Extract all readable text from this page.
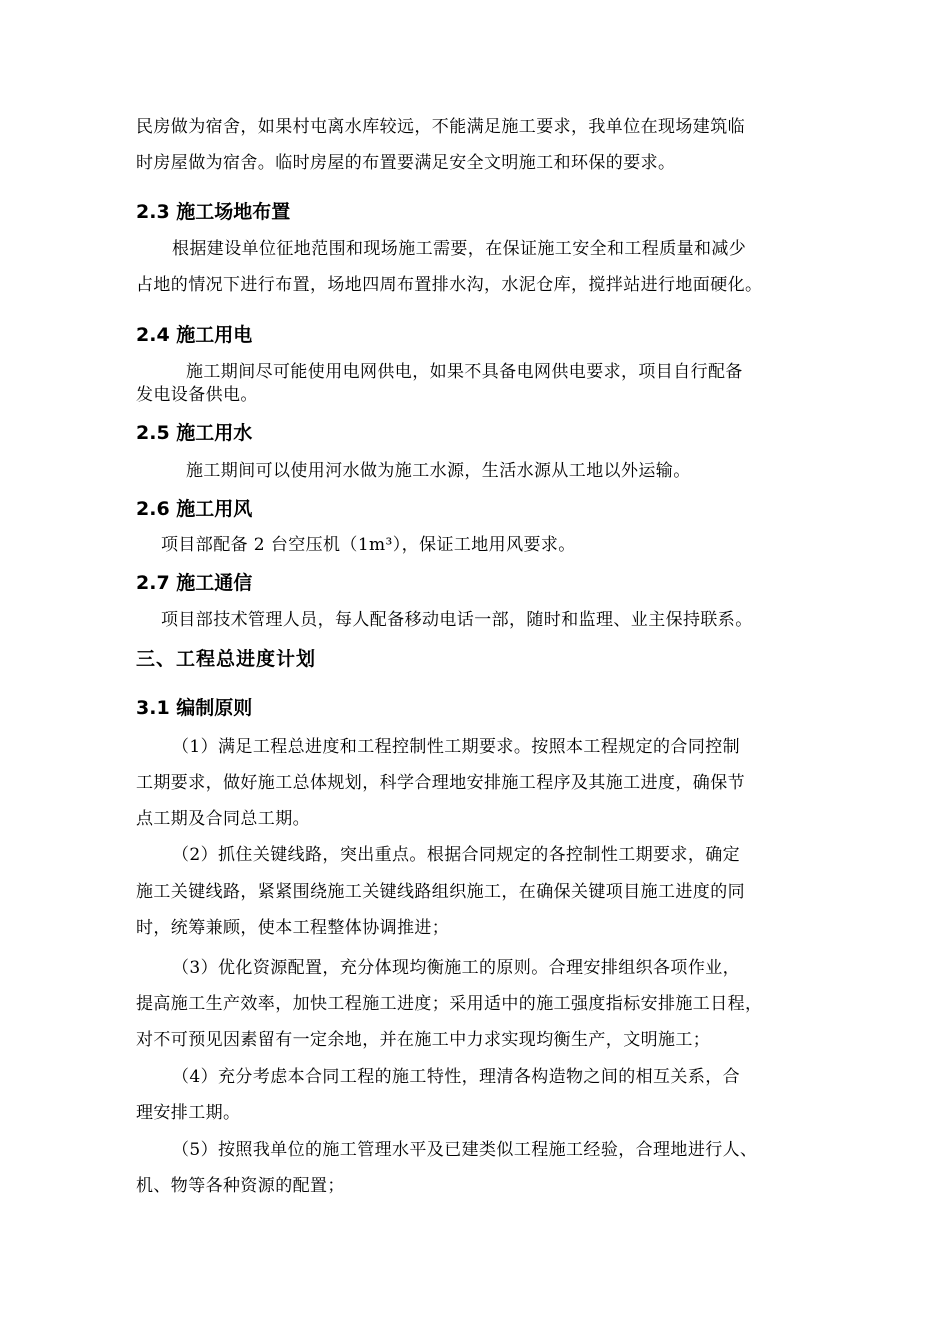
民房做为宿舍，如果村屯离水库较远，不能满足施工要求，我单位在现场建筑临
时房屋做为宿舍。临时房屋的布置要满足安全文明施工和环保的要求。
2.3 施工场地布置
根据建设单位征地范围和现场施工需要，在保证施工安全和工程质量和减少
占地的情况下进行布置，场地四周布置排水沟，水泥仓库，搅拌站进行地面硬化。
2.4 施工用电
施工期间尽可能使用电网供电，如果不具备电网供电要求，项目自行配备
发电设备供电。
2.5 施工用水
施工期间可以使用河水做为施工水源，生活水源从工地以外运输。
2.6 施工用风
项目部配备 2 台空压机（1m³），保证工地用风要求。
2.7 施工通信
项目部技术管理人员，每人配备移动电话一部，随时和监理、业主保持联系。
三、工程总进度计划
3.1 编制原则
（1）满足工程总进度和工程控制性工期要求。按照本工程规定的合同控制
工期要求，做好施工总体规划，科学合理地安排施工程序及其施工进度，确保节
点工期及合同总工期。
（2）抓住关键线路，突出重点。根据合同规定的各控制性工期要求，确定
施工关键线路，紧紧围绕施工关键线路组织施工，在确保关键项目施工进度的同
时，统筹兼顾，使本工程整体协调推进；
（3）优化资源配置，充分体现均衡施工的原则。合理安排组织各项作业，
提高施工生产效率，加快工程施工进度；采用适中的施工强度指标安排施工日程，
对不可预见因素留有一定余地，并在施工中力求实现均衡生产，文明施工；
（4）充分考虑本合同工程的施工特性，理清各构造物之间的相互关系，合
理安排工期。
（5）按照我单位的施工管理水平及已建类似工程施工经验，合理地进行人、
机、物等各种资源的配置；
